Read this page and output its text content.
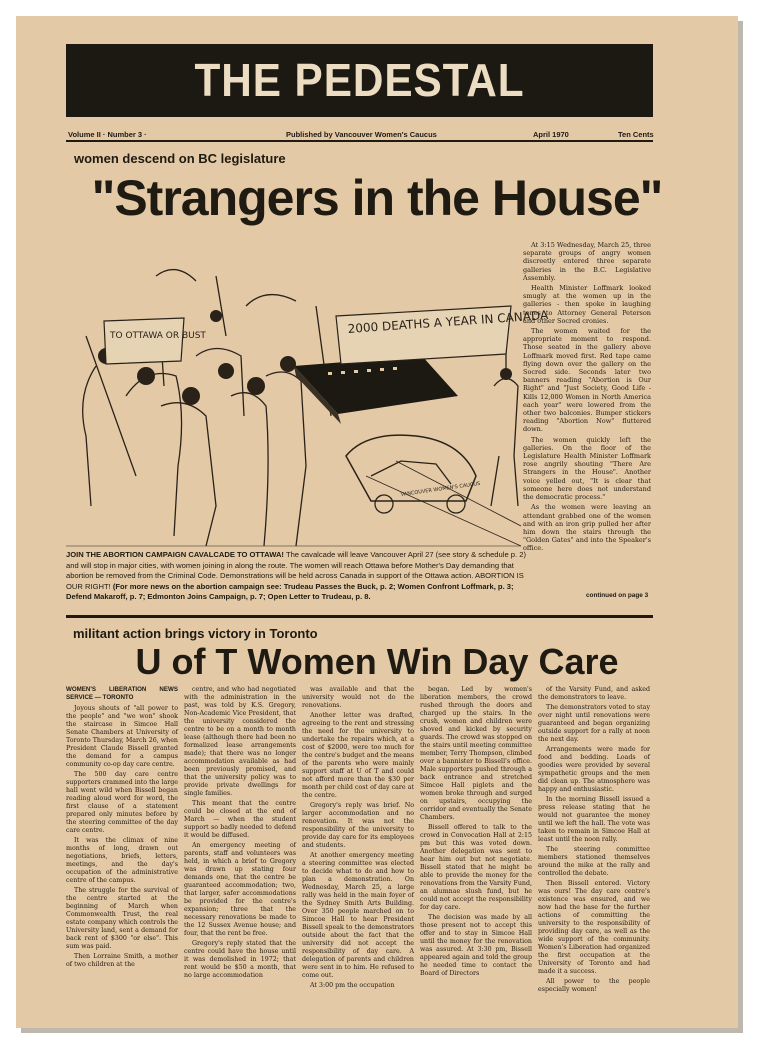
THE PEDESTAL
Volume II · Number 3 ·	Published by Vancouver Women's Caucus	April 1970	Ten Cents
women descend on BC legislature
"Strangers in the House"
2000 DEATHS A YEAR IN CANADA
TO OTTAWA OR BUST
VANCOUVER WOMEN'S CAUCUS
JOIN THE ABORTION CAMPAIGN CAVALCADE TO OTTAWA! The cavalcade will leave Vancouver April 27 (see story & schedule p. 2) and will stop in major cities, with women joining in along the route. The women will reach Ottawa before Mother's Day demanding that abortion be removed from the Criminal Code. Demonstrations will be held across Canada in support of the Ottawa action. ABORTION IS OUR RIGHT! (For more news on the abortion campaign see: Trudeau Passes the Buck, p. 2; Women Confront Loffmark, p. 3; Defend Makaroff, p. 7; Edmonton Joins Campaign, p. 7; Open Letter to Trudeau, p. 8.

At 3:15 Wednesday, March 25, three separate groups of angry women discreetly entered three separate galleries in the B.C. Legislative Assembly.

Health Minister Loffmark looked smugly at the women up in the galleries - then spoke in laughing tones to Attorney General Peterson and other Socred cronies.

The women waited for the appropriate moment to respond. Those seated in the gallery above Loffmark moved first. Red tape came flying down over the gallery on the Socred side. Seconds later two banners reading "Abortion is Our Right" and "Just Society, Good Life - Kills 12,000 Women in North America each year" were lowered from the other two balconies. Bumper stickers reading "Abortion Now" fluttered down.

The women quickly left the galleries. On the floor of the Legislature Health Minister Loffmark rose angrily shouting "There Are Strangers in the House". Another voice yelled out, "It is clear that someone here does not understand the democratic process."

As the women were leaving an attendant grabbed one of the women and with an iron grip pulled her after him down the stairs through the "Golden Gates" and into the Speaker's office.

continued on page 3
militant action brings victory in Toronto
U of T Women Win Day Care
WOMEN'S LIBERATION NEWS SERVICE — TORONTO

Joyous shouts of "all power to the people" and "we won" shook the staircase in Simcoe Hall Senate Chambers at University of Toronto Thursday, March 26, when President Claude Bissell granted the demand for a campus community co-op day care centre.

The 500 day care centre supporters crammed into the large hall went wild when Bissell began reading aloud word for word, the first clause of a statement prepared only minutes before by the steering committee of the day care centre.

It was the climax of nine months of long, drawn out negotiations, briefs, letters, meetings, and the day's occupation of the administrative centre of the campus.

The struggle for the survival of the centre started at the beginning of March when Commonwealth Trust, the real estate company which controls the University land, sent a demand for back rent of $300 "or else". This sum was paid.

Then Lorraine Smith, a mother of two children at the

centre, and who had negotiated with the administration in the past, was told by K.S. Gregory, Non-Academic Vice President, that the university considered the centre to be on a month to month lease (although there had been no formalized lease arrangements made); that there was no longer accommodation available as had been previously promised, and that the university policy was to provide private dwellings for single families.

This meant that the centre could be closed at the end of March — when the student support so badly needed to defend it would be diffused.

An emergency meeting of parents, staff and volunteers was held, in which a brief to Gregory was drawn up stating four demands one, that the centre be guaranteed accommodation; two, that larger, safer accommodations be provided for the centre's expansion; three that the necessary renovations be made to the 12 Sussex Avenue house; and four, that the rent be free.

Gregory's reply stated that the centre could have the house until it was demolished in 1972; that rent would be $50 a month, that no large accommodation

was available and that the university would not do the renovations.

Another letter was drafted, agreeing to the rent and stressing the need for the university to undertake the repairs which, at a cost of $2000, were too much for the centre's budget and the means of the parents who were mainly support staff at U of T and could not afford more than the $30 per month per child cost of day care at the centre.

Gregory's reply was brief. No larger accommodation and no renovation. It was not the responsibility of the university to provide day care for its employees and students.

At another emergency meeting a steering committee was elected to decide what to do and how to plan a demonstration. On Wednesday, March 25, a large rally was held in the main foyer of the Sydney Smith Arts Building. Over 350 people marched on to Simcoe Hall to hear President Bissell speak to the demonstrators outside about the fact that the university did not accept the responsibility of day care. A delegation of parents and children were sent in to him. He refused to come out.

At 3:00 pm the occupation

began. Led by women's liberation members, the crowd rushed through the doors and charged up the stairs. In the crush, women and children were shoved and kicked by security guards. The crowd was stopped on the stairs until meeting committee member, Terry Thompson, climbed over a bannister to Bissell's office. Male supporters pushed through a back entrance and stretched Simcoe Hall piglets and the women broke through and surged on upstairs, occupying the corridor and eventually the Senate Chambers.

Bissell offered to talk to the crowd in Convocation Hall at 2:15 pm but this was voted down. Another delegation was sent to hear him out but not negotiate. Bissell stated that he might be able to provide the money for the renovations from the Varsity Fund, an alumnae slush fund, but he could not accept the responsibility for day care.

The decision was made by all those present not to accept this offer and to stay in Simcoe Hall until the money for the renovation was assured. At 3:30 pm, Bissell appeared again and told the group he needed time to contact the Board of Directors

of the Varsity Fund, and asked the demonstrators to leave.

The demonstrators voted to stay over night until renovations were guaranteed and began organizing outside support for a rally at noon the next day.

Arrangements were made for food and bedding. Loads of goodies were provided by several sympathetic groups and the men did clean up. The atmosphere was happy and enthusiastic.

In the morning Bissell issued a press release stating that he would not guarantee the money until we left the hall. The vote was taken to remain in Simcoe Hall at least until the noon rally.

The steering committee members stationed themselves around the mike at the rally and controlled the debate.

Then Bissell entered. Victory was ours! The day care centre's existence was ensured, and we now had the base for the further actions of committing the university to the responsibility of providing day care, as well as the wide support of the community. Women's Liberation had organized the first occupation at the University of Toronto and had made it a success.

All power to the people especially women!
